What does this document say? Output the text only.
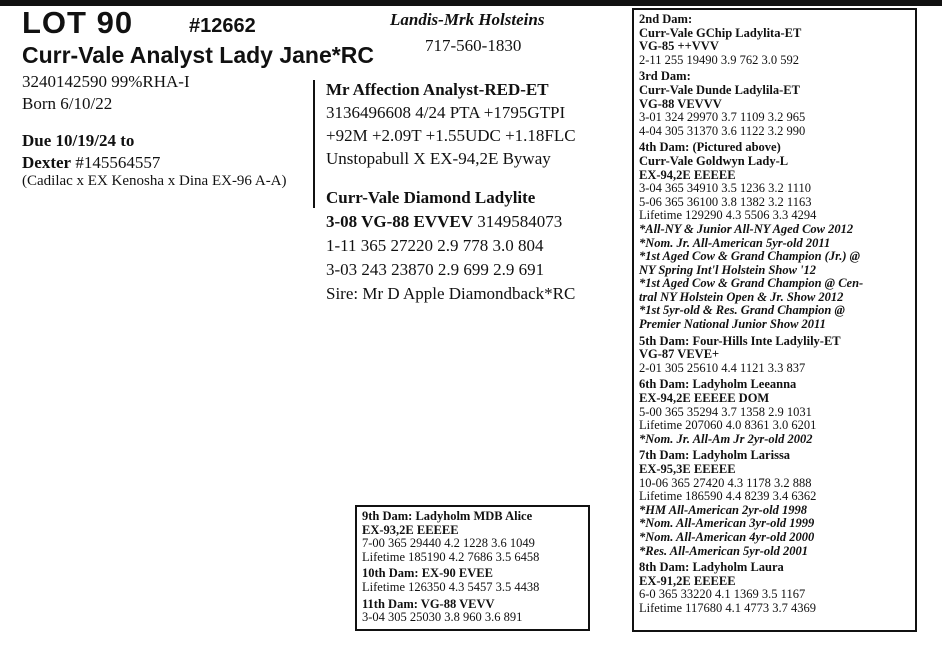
LOT 90	#12662
Curr-Vale Analyst Lady Jane*RC
Landis-Mrk Holsteins
717-560-1830
3240142590 99%RHA-I
Born 6/10/22
Due 10/19/24 to
Dexter #145564557
(Cadilac x EX Kenosha x Dina EX-96 A-A)
Mr Affection Analyst-RED-ET
3136496608 4/24 PTA +1795GTPI
+92M +2.09T +1.55UDC +1.18FLC
Unstopabull X EX-94,2E Byway
Curr-Vale Diamond Ladylite
3-08 VG-88 EVVEV 3149584073
1-11 365 27220 2.9 778 3.0 804
3-03 243 23870 2.9 699 2.9 691
Sire: Mr D Apple Diamondback*RC
2nd Dam:
Curr-Vale GChip Ladylita-ET
VG-85 ++VVV
2-11 255 19490 3.9 762 3.0 592
3rd Dam:
Curr-Vale Dunde Ladylila-ET
VG-88 VEVVV
3-01 324 29970 3.7 1109 3.2 965
4-04 305 31370 3.6 1122 3.2 990
4th Dam: (Pictured above)
Curr-Vale Goldwyn Lady-L
EX-94,2E EEEEE
3-04 365 34910 3.5 1236 3.2 1110
5-06 365 36100 3.8 1382 3.2 1163
Lifetime 129290 4.3 5506 3.3 4294
*All-NY & Junior All-NY Aged Cow 2012
*Nom. Jr. All-American 5yr-old 2011
*1st Aged Cow & Grand Champion (Jr.) @
NY Spring Int'l Holstein Show '12
*1st Aged Cow & Grand Champion @ Cen-
tral NY Holstein Open & Jr. Show 2012
*1st 5yr-old & Res. Grand Champion @
Premier National Junior Show 2011
5th Dam: Four-Hills Inte Ladylily-ET
VG-87 VEVE+
2-01 305 25610 4.4 1121 3.3 837
6th Dam: Ladyholm Leeanna
EX-94,2E EEEEE DOM
5-00 365 35294 3.7 1358 2.9 1031
Lifetime 207060 4.0 8361 3.0 6201
*Nom. Jr. All-Am Jr 2yr-old 2002
7th Dam: Ladyholm Larissa
EX-95,3E EEEEE
10-06 365 27420 4.3 1178 3.2 888
Lifetime 186590 4.4 8239 3.4 6362
*HM All-American 2yr-old 1998
*Nom. All-American 3yr-old 1999
*Nom. All-American 4yr-old 2000
*Res. All-American 5yr-old 2001
8th Dam: Ladyholm Laura
EX-91,2E EEEEE
6-0 365 33220 4.1 1369 3.5 1167
Lifetime 117680 4.1 4773 3.7 4369
9th Dam: Ladyholm MDB Alice
EX-93,2E EEEEE
7-00 365 29440 4.2 1228 3.6 1049
Lifetime 185190 4.2 7686 3.5 6458
10th Dam: EX-90 EVEE
Lifetime 126350 4.3 5457 3.5 4438
11th Dam: VG-88 VEVV
3-04 305 25030 3.8 960 3.6 891
